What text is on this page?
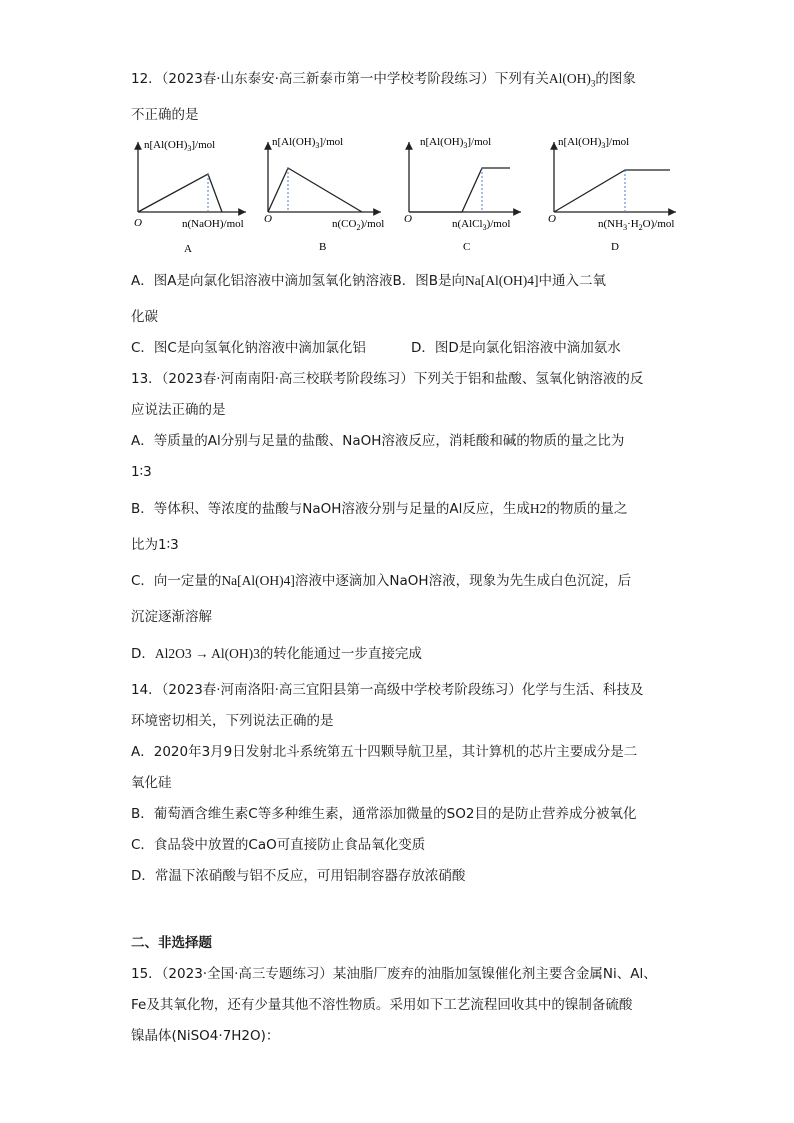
12．（2023春·山东泰安·高三新泰市第一中学校考阶段练习）下列有关$Al(OH)_3$的图象
不正确的是
$n[Al(OH)_3]$/mol
O	n(NaOH)/mol
A
$n[Al(OH)_3]$/mol
O	$n(CO_2)$/mol
B
$n[Al(OH)_3]$/mol
O	n(AlCl$_3$)/mol
C
$n[Al(OH)_3]$/mol
O	$n(NH_3\cdot H_2O)$/mol
D
A．图A是向氯化铝溶液中滴加氢氧化钠溶液B．图B是向Na[Al(OH)4]中通入二氧
化碳
C．图C是向氢氧化钠溶液中滴加氯化铝	D．图D是向氯化铝溶液中滴加氨水
13．（2023春·河南南阳·高三校联考阶段练习）下列关于铝和盐酸、氢氧化钠溶液的反
应说法正确的是
A．等质量的Al分别与足量的盐酸、NaOH溶液反应，消耗酸和碱的物质的量之比为
1∶3
B．等体积、等浓度的盐酸与NaOH溶液分别与足量的Al反应，生成H2的物质的量之
比为1∶3
C．向一定量的Na[Al(OH)4]溶液中逐滴加入NaOH溶液，现象为先生成白色沉淀，后
沉淀逐渐溶解
D．Al2O3 → Al(OH)3的转化能通过一步直接完成
14．（2023春·河南洛阳·高三宜阳县第一高级中学校考阶段练习）化学与生活、科技及
环境密切相关，下列说法正确的是
A．2020年3月9日发射北斗系统第五十四颗导航卫星，其计算机的芯片主要成分是二
氧化硅
B．葡萄酒含维生素C等多种维生素，通常添加微量的SO2目的是防止营养成分被氧化
C．食品袋中放置的CaO可直接防止食品氧化变质
D．常温下浓硝酸与铝不反应，可用铝制容器存放浓硝酸
二、非选择题
15．（2023·全国·高三专题练习）某油脂厂废弃的油脂加氢镍催化剂主要含金属Ni、Al、
Fe及其氧化物，还有少量其他不溶性物质。采用如下工艺流程回收其中的镍制备硫酸
镍晶体(NiSO4·7H2O)：
